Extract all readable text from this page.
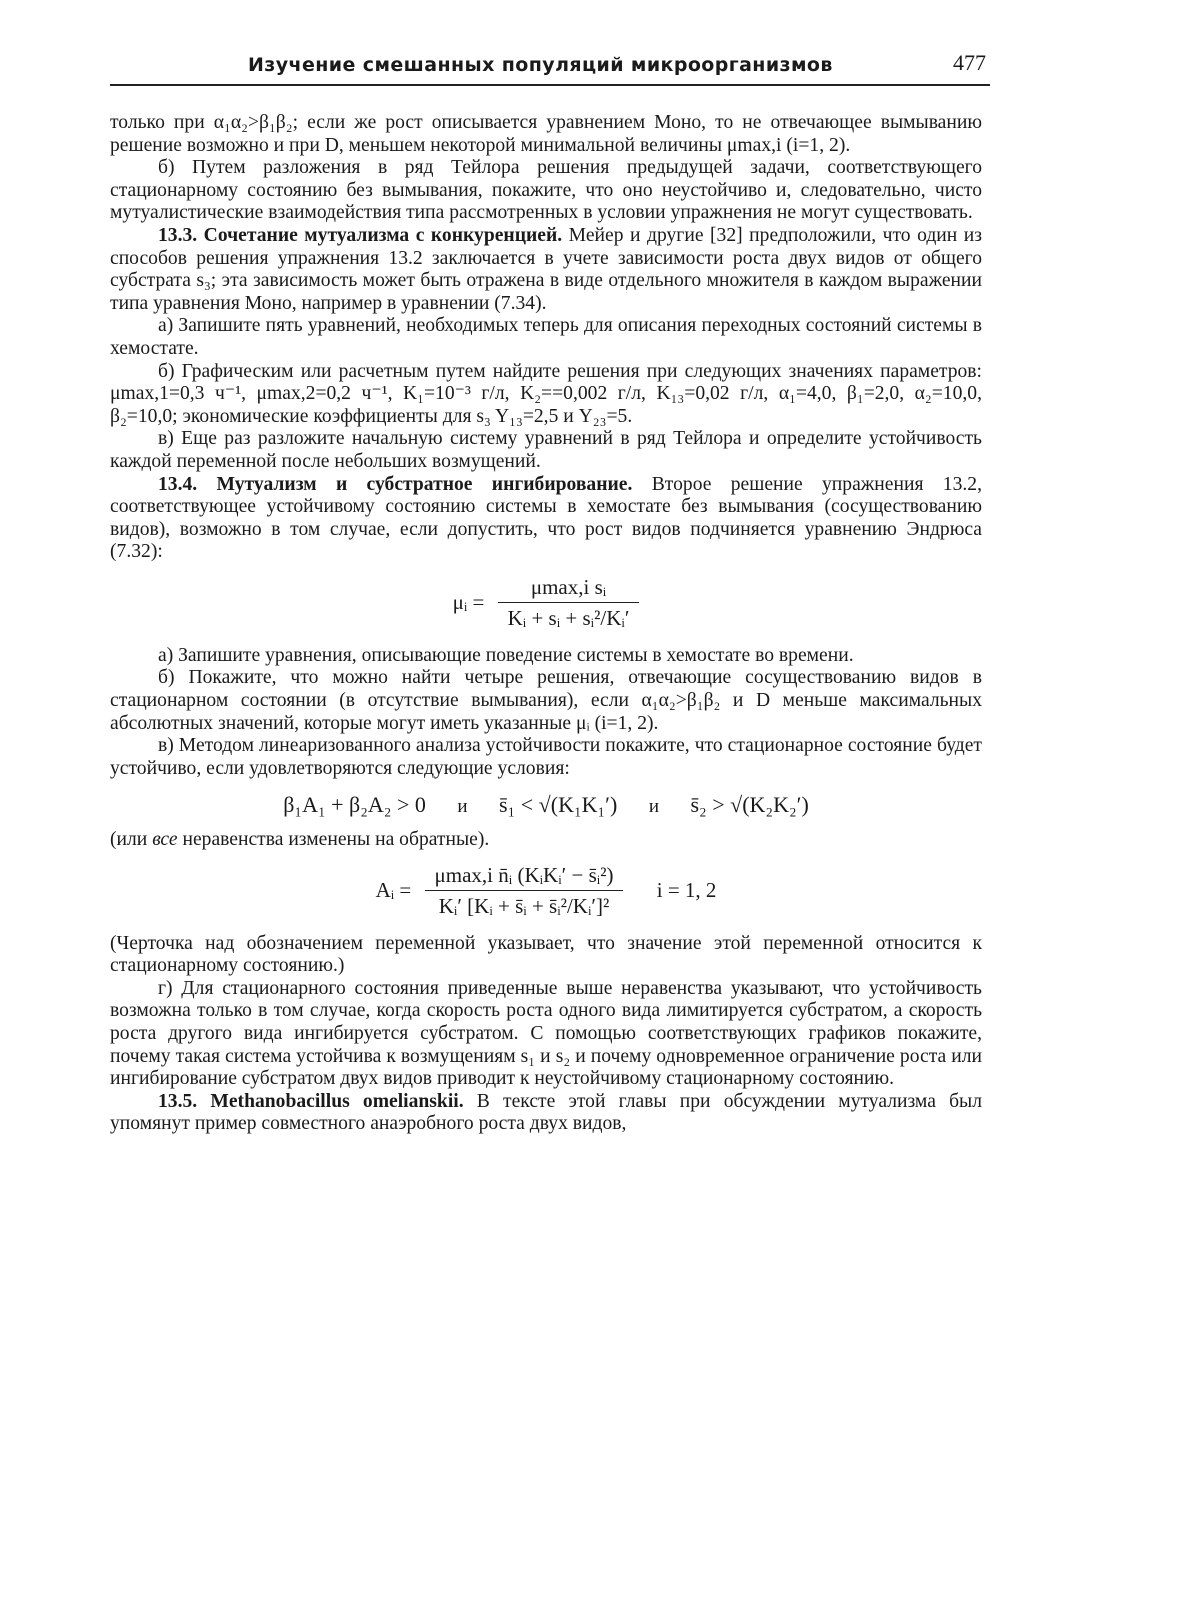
Изучение смешанных популяций микроорганизмов	477

только при α₁α₂>β₁β₂; если же рост описывается уравнением Моно, то не отвечающее вымыванию решение возможно и при D, меньшем некоторой минимальной величины μmax,i (i=1, 2).

б) Путем разложения в ряд Тейлора решения предыдущей задачи, соответствующего стационарному состоянию без вымывания, покажите, что оно неустойчиво и, следовательно, чисто мутуалистические взаимодействия типа рассмотренных в условии упражнения не могут существовать.

13.3. Сочетание мутуализма с конкуренцией. Мейер и другие [32] предположили, что один из способов решения упражнения 13.2 заключается в учете зависимости роста двух видов от общего субстрата s₃; эта зависимость может быть отражена в виде отдельного множителя в каждом выражении типа уравнения Моно, например в уравнении (7.34).

а) Запишите пять уравнений, необходимых теперь для описания переходных состояний системы в хемостате.

б) Графическим или расчетным путем найдите решения при следующих значениях параметров: μmax,1=0,3 ч⁻¹, μmax,2=0,2 ч⁻¹, K₁=10⁻³ г/л, K₂==0,002 г/л, K₁₃=0,02 г/л, α₁=4,0, β₁=2,0, α₂=10,0, β₂=10,0; экономические коэффициенты для s₃ Y₁₃=2,5 и Y₂₃=5.

в) Еще раз разложите начальную систему уравнений в ряд Тейлора и определите устойчивость каждой переменной после небольших возмущений.

13.4. Мутуализм и субстратное ингибирование. Второе решение упражнения 13.2, соответствующее устойчивому состоянию системы в хемостате без вымывания (сосуществованию видов), возможно в том случае, если допустить, что рост видов подчиняется уравнению Эндрюса (7.32):

μᵢ = $\frac{\text{μmax,i sᵢ}}{\text{Kᵢ + sᵢ + sᵢ²/Kᵢ′}}$

а) Запишите уравнения, описывающие поведение системы в хемостате во времени.

б) Покажите, что можно найти четыре решения, отвечающие сосуществованию видов в стационарном состоянии (в отсутствие вымывания), если α₁α₂>β₁β₂ и D меньше максимальных абсолютных значений, которые могут иметь указанные μᵢ (i=1, 2).

в) Методом линеаризованного анализа устойчивости покажите, что стационарное состояние будет устойчиво, если удовлетворяются следующие условия:

β₁A₁ + β₂A₂ > 0 и s̄₁ < √(K₁K₁′) и s̄₂ > √(K₂K₂′)

(или все неравенства изменены на обратные).

Aᵢ = $\frac{\text{μmax,i n̄ᵢ (KᵢKᵢ′ − s̄ᵢ²)}}{\text{Kᵢ′ [Kᵢ + s̄ᵢ + s̄ᵢ²/Kᵢ′]²}}$ i = 1, 2

(Черточка над обозначением переменной указывает, что значение этой переменной относится к стационарному состоянию.)

г) Для стационарного состояния приведенные выше неравенства указывают, что устойчивость возможна только в том случае, когда скорость роста одного вида лимитируется субстратом, а скорость роста другого вида ингибируется субстратом. С помощью соответствующих графиков покажите, почему такая система устойчива к возмущениям s₁ и s₂ и почему одновременное ограничение роста или ингибирование субстратом двух видов приводит к неустойчивому стационарному состоянию.

13.5. Methanobacillus omelianskii. В тексте этой главы при обсуждении мутуализма был упомянут пример совместного анаэробного роста двух видов,
